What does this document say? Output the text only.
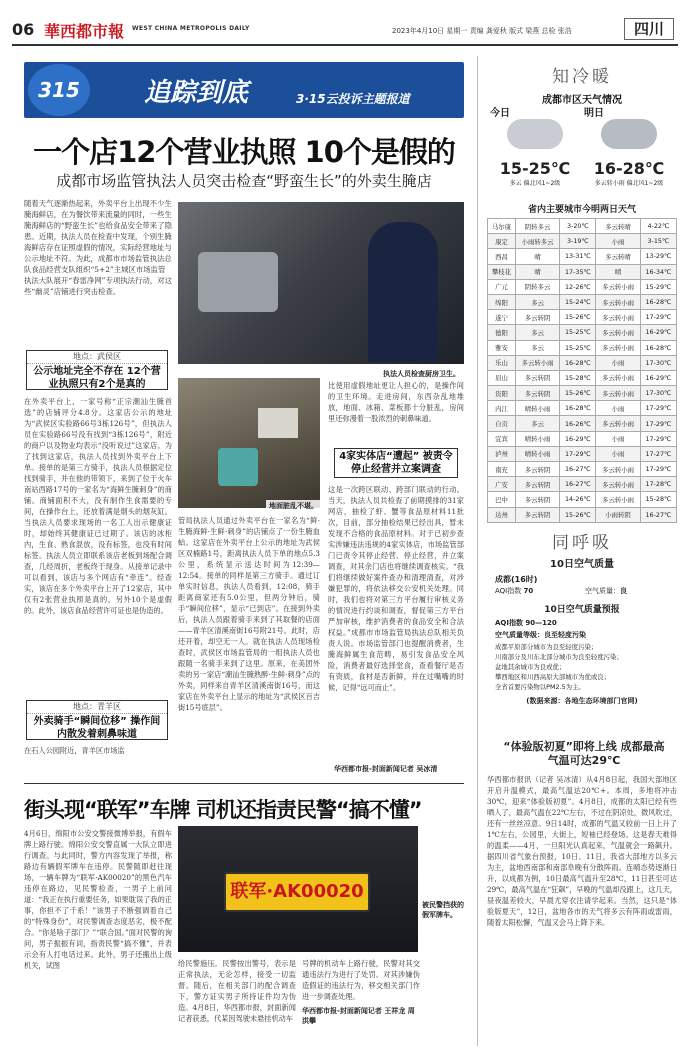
06 華西都市報 WEST CHINA METROPOLIS DAILY	2023年4月10日 星期一 责编 龚爱秋 版式 梁燕 总检 张浩	四川
315	追踪到底	3·15云投诉主题报道
一个店12个营业执照 10个是假的
成都市场监管执法人员突击检查“野蛮生长”的外卖生腌店
随着天气逐渐热起来，外卖平台上出现不少生腌海鲜店，在为餐饮带来流量的同时，一些生腌海鲜店的“野蛮生长”也给食品安全带来了隐患。近期，执法人员在检查中发现，个别生腌海鲜店存在证照虚假的情况，实际经营地址与公示地址不符。为此，成都市市场监管执法总队食品经营支队组织“5+2”主城区市场监管执法大队展开“春雷净网”专项执法行动，对这些“幽灵”店铺进行突击检查。
执法人员检查厨房卫生。
地面脏乱不堪。
地点：武侯区
公示地址完全不存在 12个营业执照只有2个是真的
在外卖平台上，一家号称“正宗潮汕生腌首选”的店铺评分4.8分。这家店公示的地址为“武侯区实验路66号3栋126号”，但执法人员在实验路66号没有找到“3栋126号”，附近的商户以及物业均表示“没听说过”这家店。为了找到这家店，执法人员找到外卖平台上下单。接单的是第三方骑手，执法人员根据定位找到骑手，并在他的带领下，来到了位于火车南站西路17号的一家名为“海鲜生腌刺身”的商铺。商铺面积不大，没有制作生食需要的专间，在操作台上，还放着满是烟头的烟灰缸。当执法人员要求现场的一名工人出示健康证时，却始终其健康证已过期了。该店的冰柜内，生食、熟食混放，没有标签，也没有时间标签。执法人员立即联系该店老板到场配合调查，几经周折，老板终于现身。从接单记录中可以看到，该店与多个网店有“牵连”。经查实，该店在多个外卖平台上开了12家店，其中仅有2张营业执照是真的，另外10个是虚假的。此外，该店食品经营许可证也是伪造的。
地点：青羊区
外卖骑手“瞬间位移” 操作间内散发着刺鼻味道
在石人公园附近，青羊区市场监
管局执法人员通过外卖平台在一家名为“鲜·生腌海鲜·生鲜·刺身”的店铺点了一份生腌血蛤。这家店在外卖平台上公示的地址为武侯区双楠路1号，距离执法人员下单的地点5.3公里，系统显示送达时间为12:39—12:54。接单的同样是第三方骑手。通过订单实时信息，执法人员看到，12:08，骑手距离商家还有5.0公里，但两分钟后，骑手“瞬间位移”，显示“已到店”。在接到外卖后，执法人员跟着骑手来到了其取餐的店面——青羊区清溪南街16号附21号。此时，店还开着，却空无一人。就在执法人员现场检查时，武侯区市场监管局的一组执法人员也跟随一名骑手来到了这里。原来，在美团外卖的另一家店“潮汕生腌熟醉·生鲜·刺身”点的外卖，同样来自青羊区清溪南街16号，而这家店在外卖平台上显示的地址为“武侯区百吉街15号底层”。
比使用虚假地址更让人担心的，是操作间的卫生环境。走进房间，东西杂乱地堆放，地面、冰箱、菜板都十分脏乱，房间里还弥漫着一股浓烈的刺鼻味道。
4家实体店“遭起” 被责令停止经营并立案调查
这是一次跨区联动、跨部门联动的行动。当天，执法人员共检查了前期摸排的31家网店，抽检了虾、蟹等食品原材料11批次，目前，部分抽检结果已经出具，暂未发现不合格的食品原材料。对于已初步查实涉嫌违法违规的4家实体店，市场监管部门已责令其停止经营、停止经营，并立案调查，对其余门店也将继续调查核实。“我们将继续做好案件查办和清理清查，对涉嫌犯罪的，将依法移交公安机关处理。同时，我们也将对第三方平台履行审核义务的情况进行约谈和调查，督促第三方平台严加审核，维护消费者的食品安全和合法权益。”成都市市场监管局执法总队相关负责人说。市场监管部门也提醒消费者，生腌海鲜属生食范畴，易引发食品安全风险，消费者最好选择堂食，查看餐厅是否有资质，食材是否新鲜，并在过嘴嘴的时候，记得“远可而止”。
华西都市报-封面新闻记者 吴冰清
街头现“联军”车牌 司机还指责民警“搞不懂”
4月6日，绵阳市公安交警接微博举报，有假车牌上路行驶。绵阳公安交警直属一大队立即进行调查。与此同时，警方内容发现了举报，称路边有辆假军牌车在违停。民警随即赶往现场，一辆车牌为“联军·AK00020”的黑色汽车违停在路边，见民警检查，一男子上前问道：“我正在执行重要任务，如果耽误了我的正事，你担不了千系！”该男子不断强调着自己的“特殊身份”，对民警调查态度恶劣，极不配合。“你是啥子部门？”“联合国。”面对民警的询问，男子振振有词，指责民警“搞不懂”，并表示会有人打电话过来。此外，男子还搬出上级机关，试图
联军·AK00020
被民警挡获的假军牌车。
给民警施压。民警按出警号，表示是正常执法，无论怎样，接受一切监督。随后，在相关部门的配合调查下，警方证实男子所持证件均为伪造。4月8日，华西都市报，封面新闻记者获悉，代某因驾驶未悬挂机动车
号牌的机动车上路行驶，民警对其交通违法行为进行了处罚。对其涉嫌伪造假证的违法行为，移交相关部门作进一步调查处理。
华西都市报-封面新闻记者 王祥龙 周洪攀
知冷暖
成都市区天气情况
今日
15-25℃
多云 偏北风1~2级
明日
16-28℃
多云转小雨 偏北风1~2级
省内主要城市今明两日天气
马尔康	阴转多云	3-20℃	多云转晴	4-22℃
康定	小雨转多云	3-19℃	小雨	3-15℃
西昌	晴	13-31℃	多云转晴	13-29℃
攀枝花	晴	17-35℃	晴	16-34℃
广元	阴转多云	12-26℃	多云转小雨	15-29℃
绵阳	多云	15-24℃	多云转小雨	16-28℃
遂宁	多云转阴	15-26℃	多云转小雨	17-29℃
德阳	多云	15-25℃	多云转小雨	16-29℃
雅安	多云	15-25℃	多云转小雨	16-28℃
乐山	多云转小雨	16-28℃	小雨	17-30℃
眉山	多云转阴	15-28℃	多云转小雨	16-29℃
资阳	多云转阴	15-26℃	多云转小雨	17-30℃
内江	晴转小雨	16-28℃	小雨	17-29℃
自贡	多云	16-26℃	多云转小雨	17-29℃
宜宾	晴转小雨	16-29℃	小雨	17-29℃
泸州	晴转小雨	17-29℃	小雨	17-27℃
南充	多云转阴	16-27℃	多云转小雨	17-29℃
广安	多云转阴	16-27℃	多云转小雨	17-28℃
巴中	多云转阴	14-26℃	多云转小雨	15-28℃
达州	多云转阴	15-26℃	小雨转阴	16-27℃
同呼吸
10日空气质量
成都(16时)
AQI指数 70	空气质量：良
10日空气质量预报
AQI指数 90—120
空气质量等级：良至轻度污染
成都平原部分城市为良至轻度污染；
川南部分及川东北部分城市为良至轻度污染；
盆地其余城市为良或优；
攀西地区和川西高原大部城市为优或良；
全省首要污染物以PM2.5为主。
(数据来源：各地生态环境部门官网)
“体验版初夏”即将上线 成都最高气温可达29℃
华西都市报讯（记者 吴冰清）从4月8日起，我国大部地区开启升温模式，最高气温达20℃+。本周，多地将冲击30℃，迎来“体验版初夏”。4月8日，成都的太阳已经有些晒人了，最高气温在22℃左右，不过在阴凉处，微风吹过，还有一丝丝凉意。9日14时，成都的气温又较前一日上升了1℃左右，公园里，大街上，短袖已经登场。这是春天难得的温柔——4月，一旦阳光认真起来，气温就会一路飙升。据四川省气象台预报，10日、11日，我省大部地方以多云为主，盆地西南部和南部阜晚有分散阵雨。连晴态势逐渐日升，以成都为例，10日最高气温升至28℃，11日甚至可达29℃，最高气温在“狂飙”，早晚的气温却没跟上，这几天，昼夜温差较大，早晨尤穿衣注请学起来。当然，这只是“体验版夏天”，12日，盆地各市的天气将多云有阵雨或雷雨，随着太阳松懈，气温又会马上降下来。
